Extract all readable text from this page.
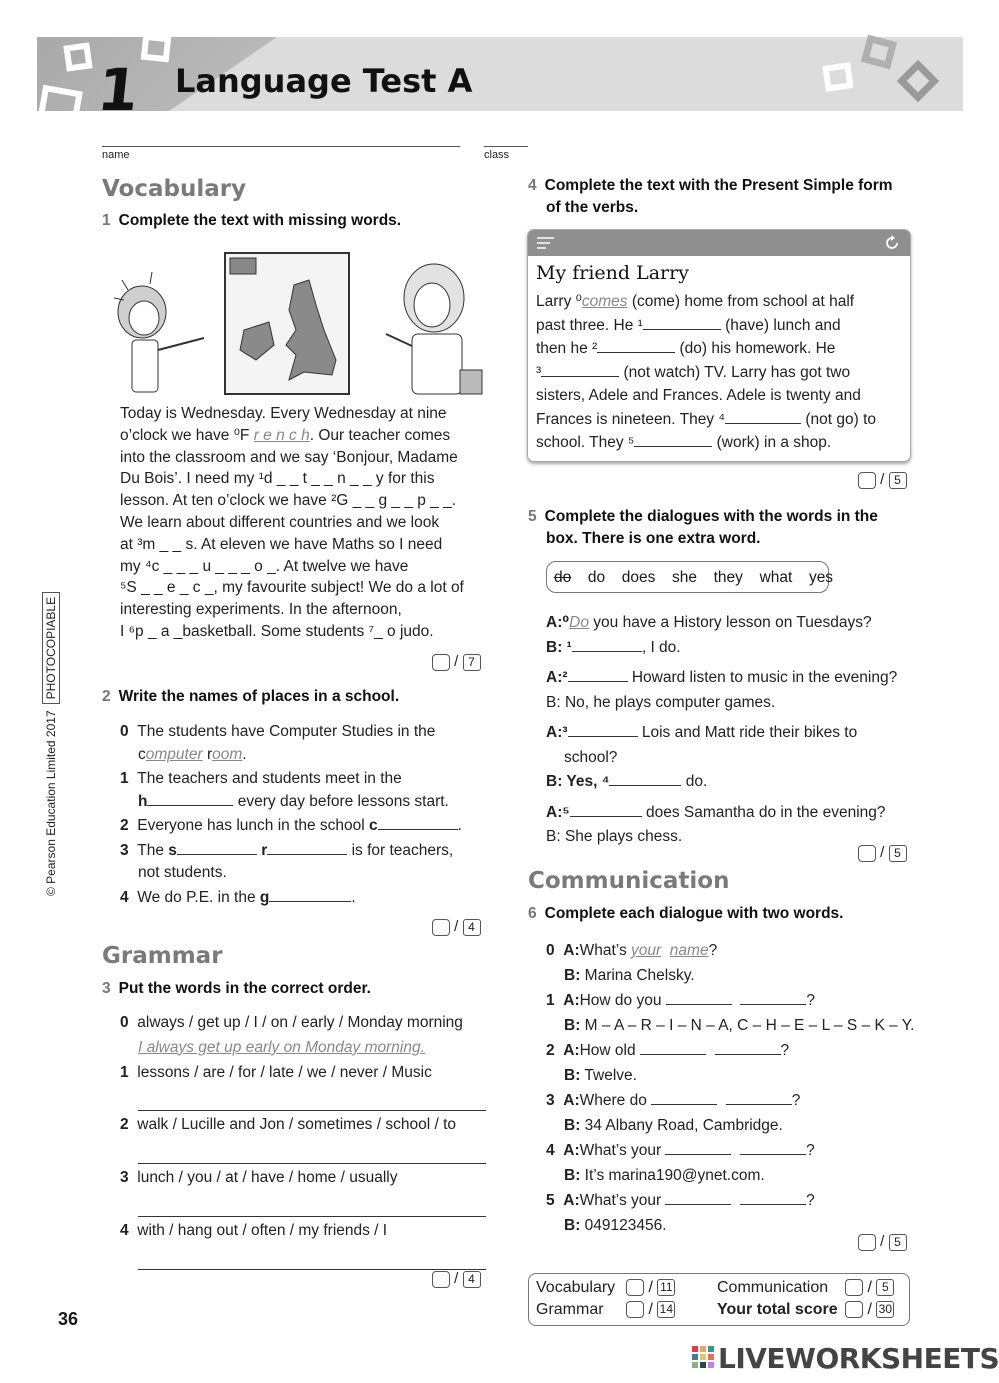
1 Language Test A
name	class
© Pearson Education Limited 2017PHOTOCOPIABLE
Vocabulary
1 Complete the text with missing words.
Today is Wednesday. Every Wednesday at nine
o’clock we have ⁰F r e n c h. Our teacher comes
into the classroom and we say ‘Bonjour, Madame
Du Bois’. I need my ¹d _ _ t _ _ n _ _ y for this
lesson. At ten o’clock we have ²G _ _ g _ _ p _ _.
We learn about different countries and we look
at ³m _ _ s. At eleven we have Maths so I need
my ⁴c _ _ _ u _ _ _ o _. At twelve we have
⁵S _ _ e _ c _, my favourite subject! We do a lot of
interesting experiments. In the afternoon,
I ⁶p _ a _basketball. Some students ⁷_ o judo.
/ 7
2 Write the names of places in a school.
0 The students have Computer Studies in the
computer room.
1 The teachers and students meet in the
h	every day before lessons start.
2 Everyone has lunch in the school c	.
3 The s	r	is for teachers,
not students.
4 We do P.E. in the g	.
/ 4
Grammar
3 Put the words in the correct order.
0 always / get up / I / on / early / Monday morning
I always get up early on Monday morning.
1 lessons / are / for / late / we / never / Music
2 walk / Lucille and Jon / sometimes / school / to
3 lunch / you / at / have / home / usually
4 with / hang out / often / my friends / I
/ 4
36
4 Complete the text with the Present Simple form
of the verbs.
My friend Larry
Larry ⁰comes (come) home from school at half
past three. He ¹	(have) lunch and
then he ²	(do) his homework. He
³	(not watch) TV. Larry has got two
sisters, Adele and Frances. Adele is twenty and
Frances is nineteen. They ⁴	(not go) to
school. They ⁵	(work) in a shop.
/ 5
5 Complete the dialogues with the words in the
box. There is one extra word.
do do does she they what yes
A:⁰Do you have a History lesson on Tuesdays?
B: ¹	, I do.
A:²	Howard listen to music in the evening?
B: No, he plays computer games.
A:³	Lois and Matt ride their bikes to
school?
B: Yes, ⁴	do.
A:⁵	does Samantha do in the evening?
B: She plays chess.
/ 5
Communication
6 Complete each dialogue with two words.
0 A:What’s your name?
B: Marina Chelsky.
1 A:How do you	?
B: M – A – R – I – N – A, C – H – E – L – S – K – Y.
2 A:How old	?
B: Twelve.
3 A:Where do	?
B: 34 Albany Road, Cambridge.
4 A:What’s your	?
B: It’s marina190@ynet.com.
5 A:What’s your	?
B: 049123456.
/ 5
Vocabulary / 11
Grammar	/ 14
Communication / 5
Your total score / 30
LIVEWORKSHEETS
